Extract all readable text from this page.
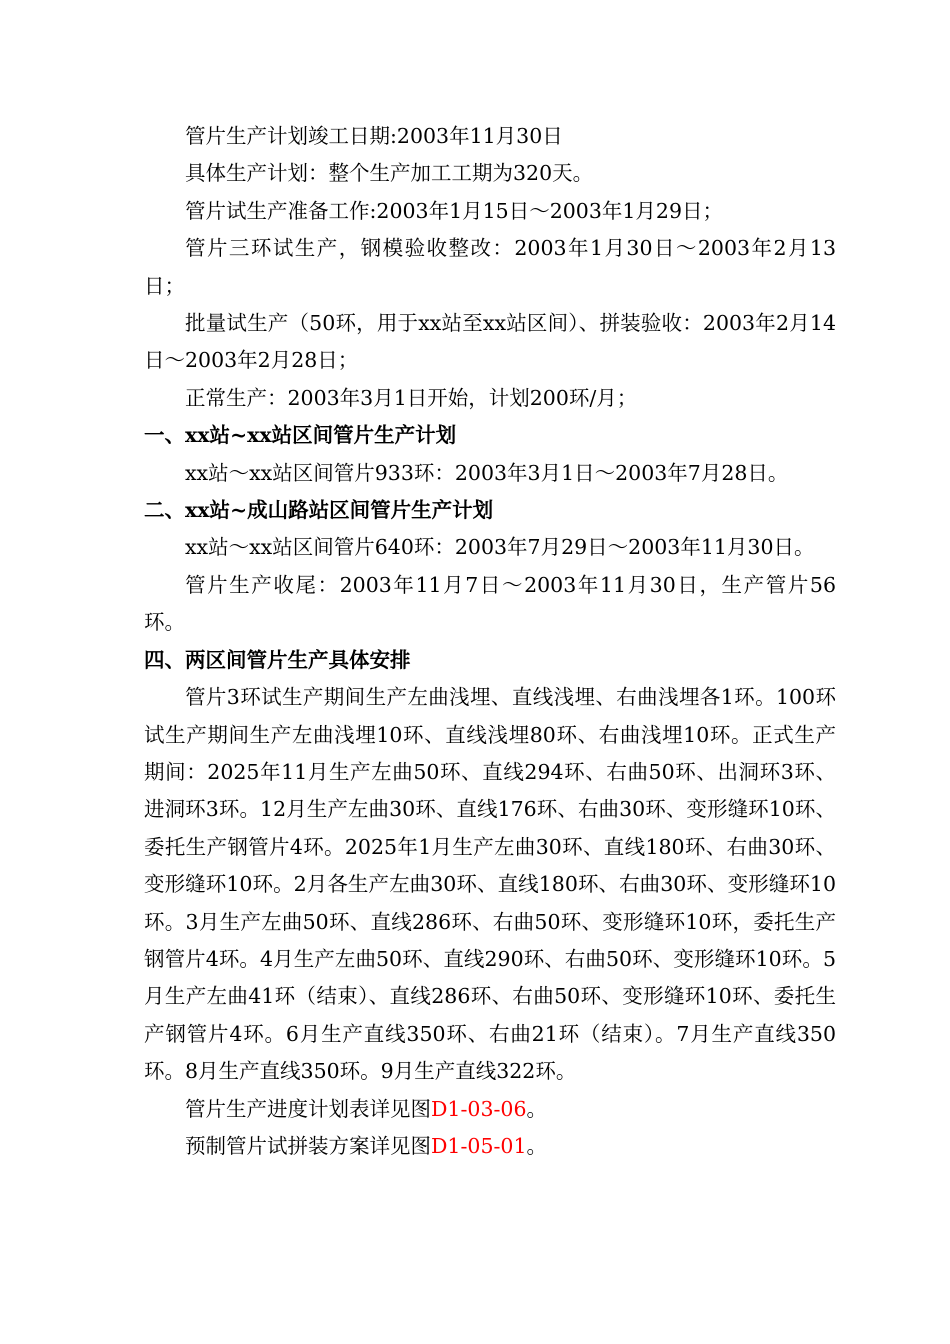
管片生产计划竣工日期:2003年11月30日

具体生产计划：整个生产加工工期为320天。

管片试生产准备工作:2003年1月15日～2003年1月29日；

管片三环试生产，钢模验收整改：2003年1月30日～2003年2月13日；

批量试生产（50环，用于xx站至xx站区间）、拼装验收：2003年2月14日～2003年2月28日；

正常生产：2003年3月1日开始，计划200环/月；

一、xx站~xx站区间管片生产计划

xx站～xx站区间管片933环：2003年3月1日～2003年7月28日。

二、xx站~成山路站区间管片生产计划

xx站～xx站区间管片640环：2003年7月29日～2003年11月30日。

管片生产收尾：2003年11月7日～2003年11月30日，生产管片56环。

四、两区间管片生产具体安排

管片3环试生产期间生产左曲浅埋、直线浅埋、右曲浅埋各1环。100环试生产期间生产左曲浅埋10环、直线浅埋80环、右曲浅埋10环。正式生产期间：2025年11月生产左曲50环、直线294环、右曲50环、出洞环3环、进洞环3环。12月生产左曲30环、直线176环、右曲30环、变形缝环10环、委托生产钢管片4环。2025年1月生产左曲30环、直线180环、右曲30环、变形缝环10环。2月各生产左曲30环、直线180环、右曲30环、变形缝环10环。3月生产左曲50环、直线286环、右曲50环、变形缝环10环，委托生产钢管片4环。4月生产左曲50环、直线290环、右曲50环、变形缝环10环。5月生产左曲41环（结束）、直线286环、右曲50环、变形缝环10环、委托生产钢管片4环。6月生产直线350环、右曲21环（结束）。7月生产直线350环。8月生产直线350环。9月生产直线322环。

管片生产进度计划表详见图D1-03-06。

预制管片试拼装方案详见图D1-05-01。
